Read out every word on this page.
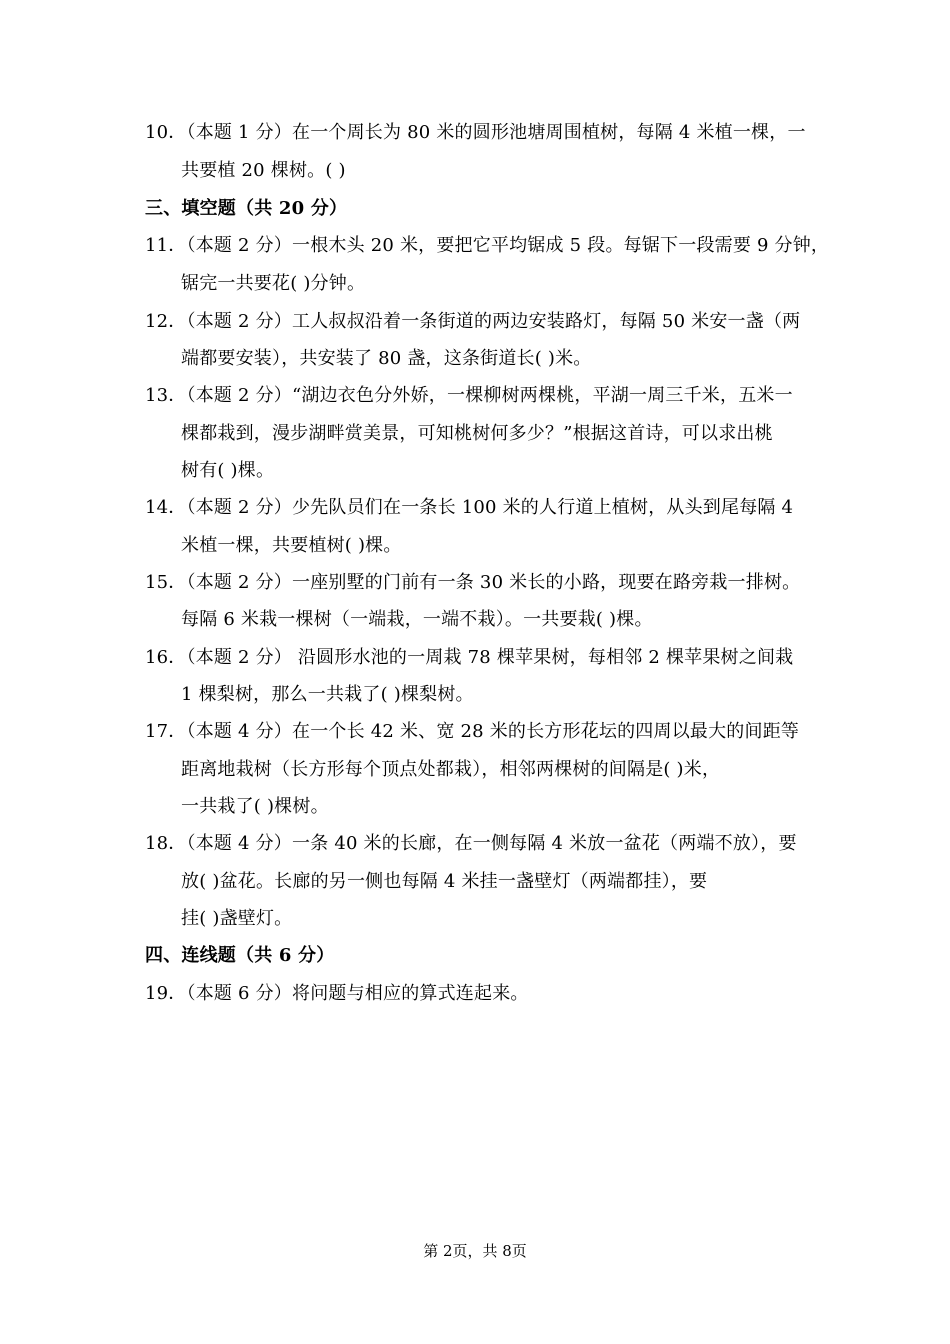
10．（本题 1 分）在一个周长为 80 米的圆形池塘周围植树，每隔 4 米植一棵，一
共要植 20 棵树。( )
三、填空题（共 20 分）
11．（本题 2 分）一根木头 20 米，要把它平均锯成 5 段。每锯下一段需要 9 分钟，
锯完一共要花( )分钟。
12．（本题 2 分）工人叔叔沿着一条街道的两边安装路灯，每隔 50 米安一盏（两
端都要安装），共安装了 80 盏，这条街道长( )米。
13．（本题 2 分）“湖边衣色分外娇，一棵柳树两棵桃，平湖一周三千米，五米一
棵都栽到，漫步湖畔赏美景，可知桃树何多少？”根据这首诗，可以求出桃
树有( )棵。
14．（本题 2 分）少先队员们在一条长 100 米的人行道上植树，从头到尾每隔 4
米植一棵，共要植树( )棵。
15．（本题 2 分）一座别墅的门前有一条 30 米长的小路，现要在路旁栽一排树。
每隔 6 米栽一棵树（一端栽，一端不栽）。一共要栽( )棵。
16．（本题 2 分） 沿圆形水池的一周栽 78 棵苹果树，每相邻 2 棵苹果树之间栽
1 棵梨树，那么一共栽了( )棵梨树。
17．（本题 4 分）在一个长 42 米、宽 28 米的长方形花坛的四周以最大的间距等
距离地栽树（长方形每个顶点处都栽），相邻两棵树的间隔是( )米，
一共栽了( )棵树。
18．（本题 4 分）一条 40 米的长廊，在一侧每隔 4 米放一盆花（两端不放），要
放( )盆花。长廊的另一侧也每隔 4 米挂一盏壁灯（两端都挂），要
挂( )盏壁灯。
四、连线题（共 6 分）
19．（本题 6 分）将问题与相应的算式连起来。
第 2页，共 8页
